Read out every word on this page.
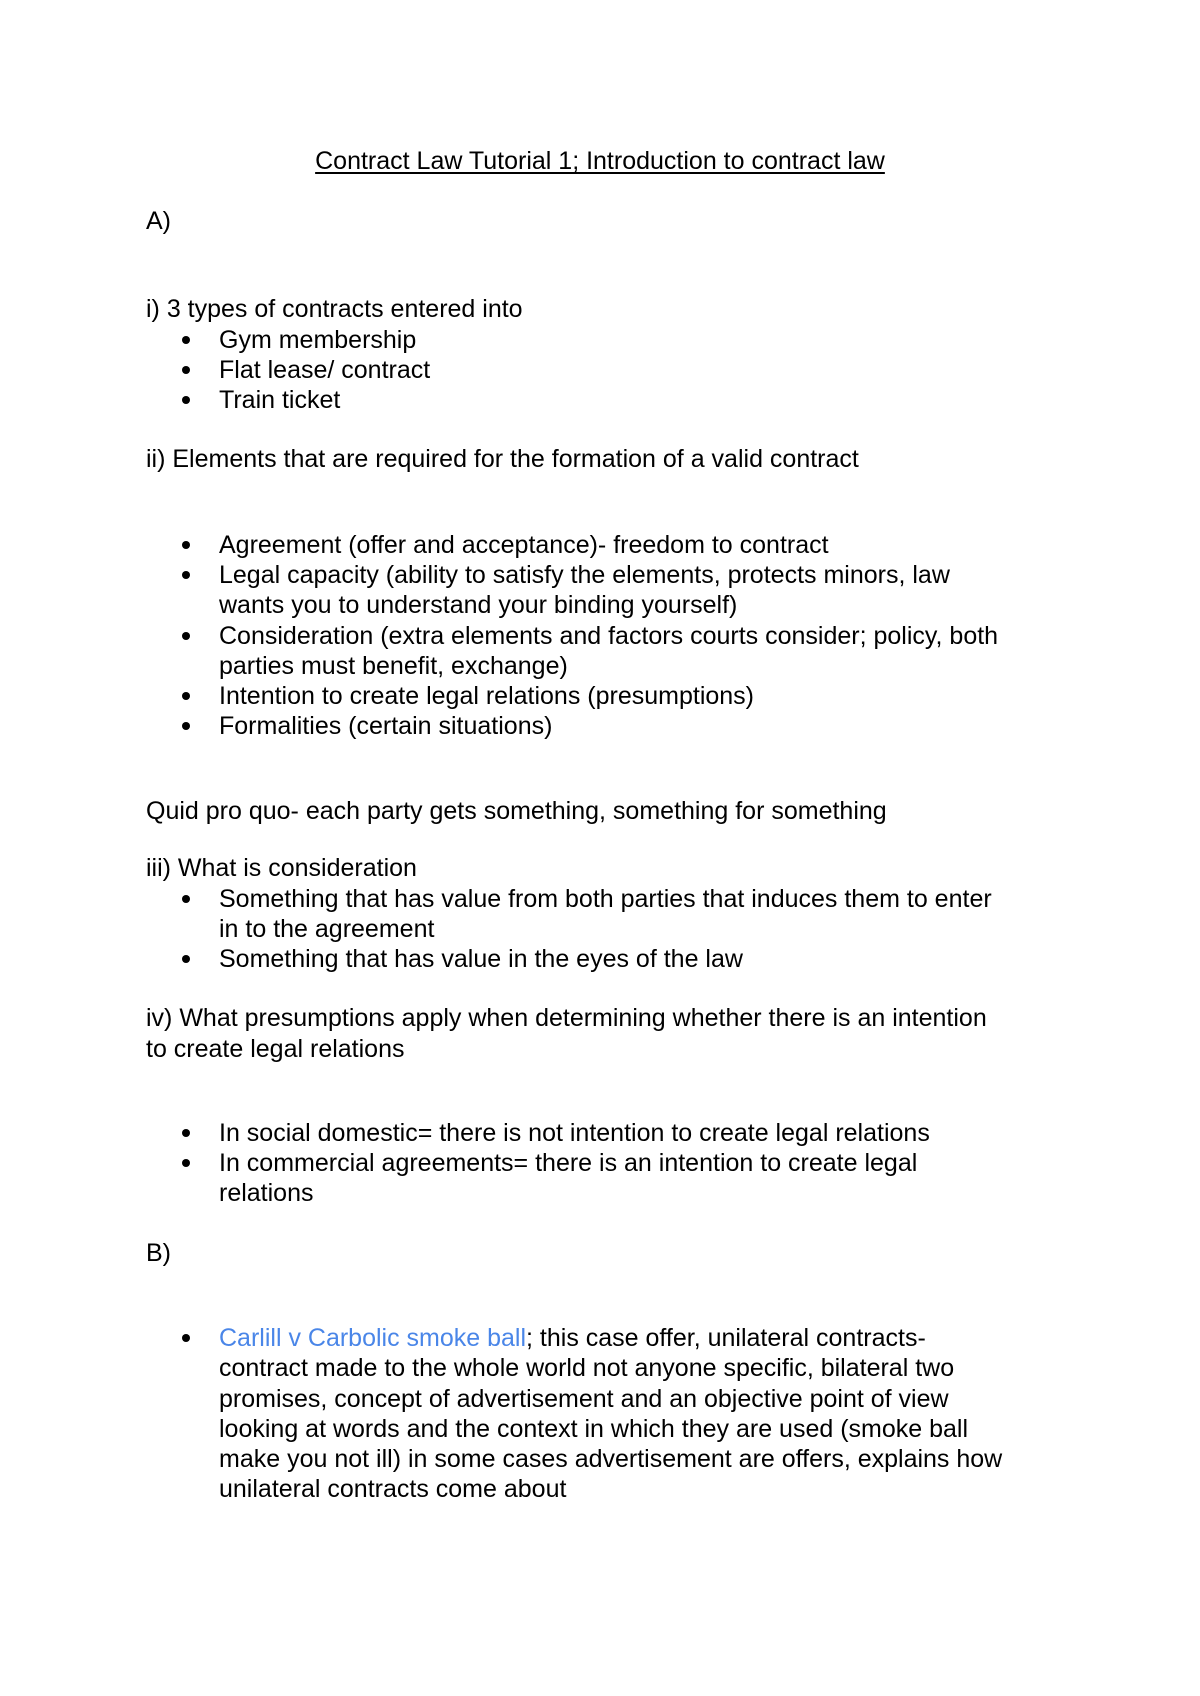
Contract Law Tutorial 1; Introduction to contract law
A)
i) 3 types of contracts entered into
Gym membership
Flat lease/ contract
Train ticket
ii) Elements that are required for the formation of a valid contract
Agreement (offer and acceptance)- freedom to contract
Legal capacity (ability to satisfy the elements, protects minors, law
wants you to understand your binding yourself)
Consideration (extra elements and factors courts consider; policy, both
parties must benefit, exchange)
Intention to create legal relations (presumptions)
Formalities (certain situations)
Quid pro quo- each party gets something, something for something
iii) What is consideration
Something that has value from both parties that induces them to enter
in to the agreement
Something that has value in the eyes of the law
iv) What presumptions apply when determining whether there is an intention
to create legal relations
In social domestic= there is not intention to create legal relations
In commercial agreements= there is an intention to create legal
relations
B)
Carlill v Carbolic smoke ball; this case offer, unilateral contracts-
contract made to the whole world not anyone specific, bilateral two
promises, concept of advertisement and an objective point of view
looking at words and the context in which they are used (smoke ball
make you not ill) in some cases advertisement are offers, explains how
unilateral contracts come about
